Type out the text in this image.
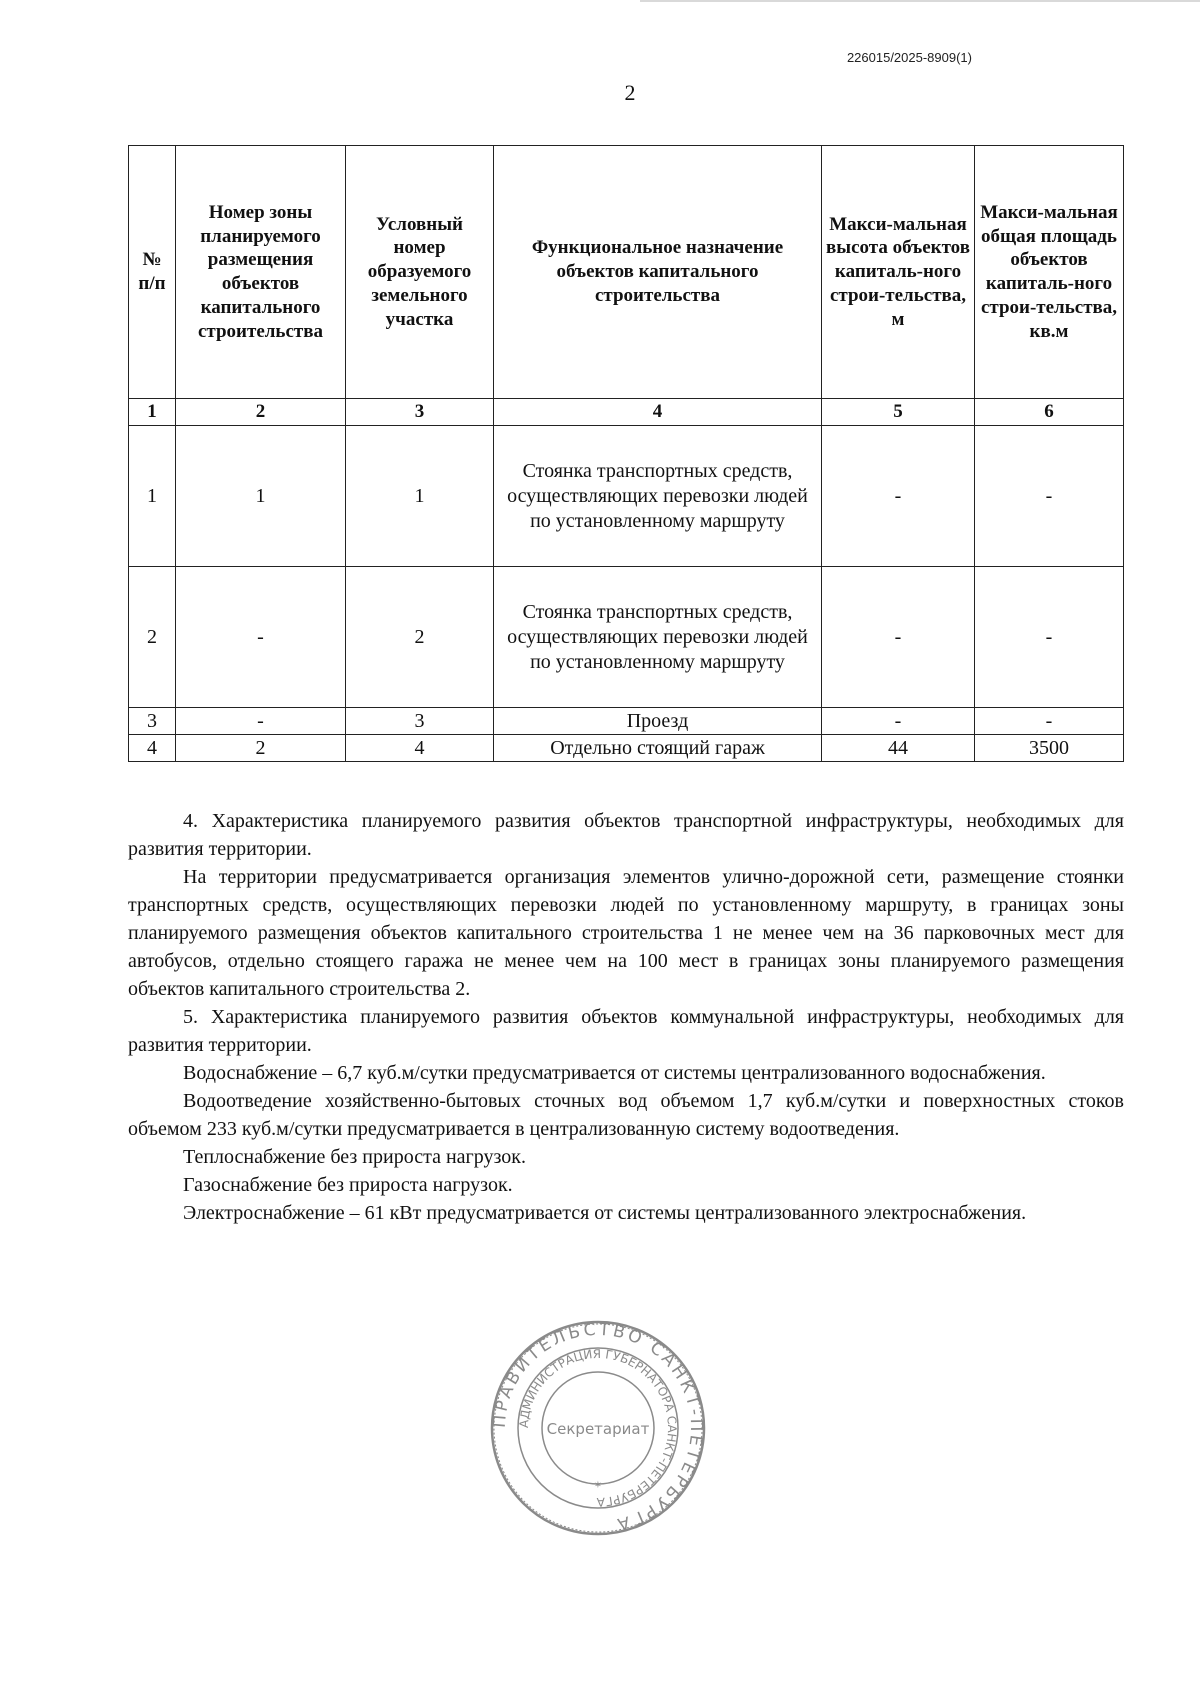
226015/2025-8909(1)
2
№ п/п	Номер зоны планируемого размещения объектов капитального строительства	Условный номер образуемого земельного участка	Функциональное назначение объектов капитального строительства	Макси-мальная высота объектов капиталь-ного строи-тельства, м	Макси-мальная общая площадь объектов капиталь-ного строи-тельства, кв.м
1	2	3	4	5	6
1	1	1	Стоянка транспортных средств, осуществляющих перевозки людей по установленному маршруту	-	-
2	-	2	Стоянка транспортных средств, осуществляющих перевозки людей по установленному маршруту	-	-
3	-	3	Проезд	-	-
4	2	4	Отдельно стоящий гараж	44	3500

4. Характеристика планируемого развития объектов транспортной инфраструктуры, необходимых для развития территории.

На территории предусматривается организация элементов улично-дорожной сети, размещение стоянки транспортных средств, осуществляющих перевозки людей по установленному маршруту, в границах зоны планируемого размещения объектов капитального строительства 1 не менее чем на 36 парковочных мест для автобусов, отдельно стоящего гаража не менее чем на 100 мест в границах зоны планируемого размещения объектов капитального строительства 2.

5. Характеристика планируемого развития объектов коммунальной инфраструктуры, необходимых для развития территории.

Водоснабжение – 6,7 куб.м/сутки предусматривается от системы централизованного водоснабжения.

Водоотведение хозяйственно-бытовых сточных вод объемом 1,7 куб.м/сутки и поверхностных стоков объемом 233 куб.м/сутки предусматривается в централизованную систему водоотведения.

Теплоснабжение без прироста нагрузок.

Газоснабжение без прироста нагрузок.

Электроснабжение – 61 кВт предусматривается от системы централизованного электроснабжения.

ПРАВИТЕЛЬСТВО САНКТ-ПЕТЕРБУРГА
АДМИНИСТРАЦИЯ ГУБЕРНАТОРА САНКТ-ПЕТЕРБУРГА
Секретариат
✶
